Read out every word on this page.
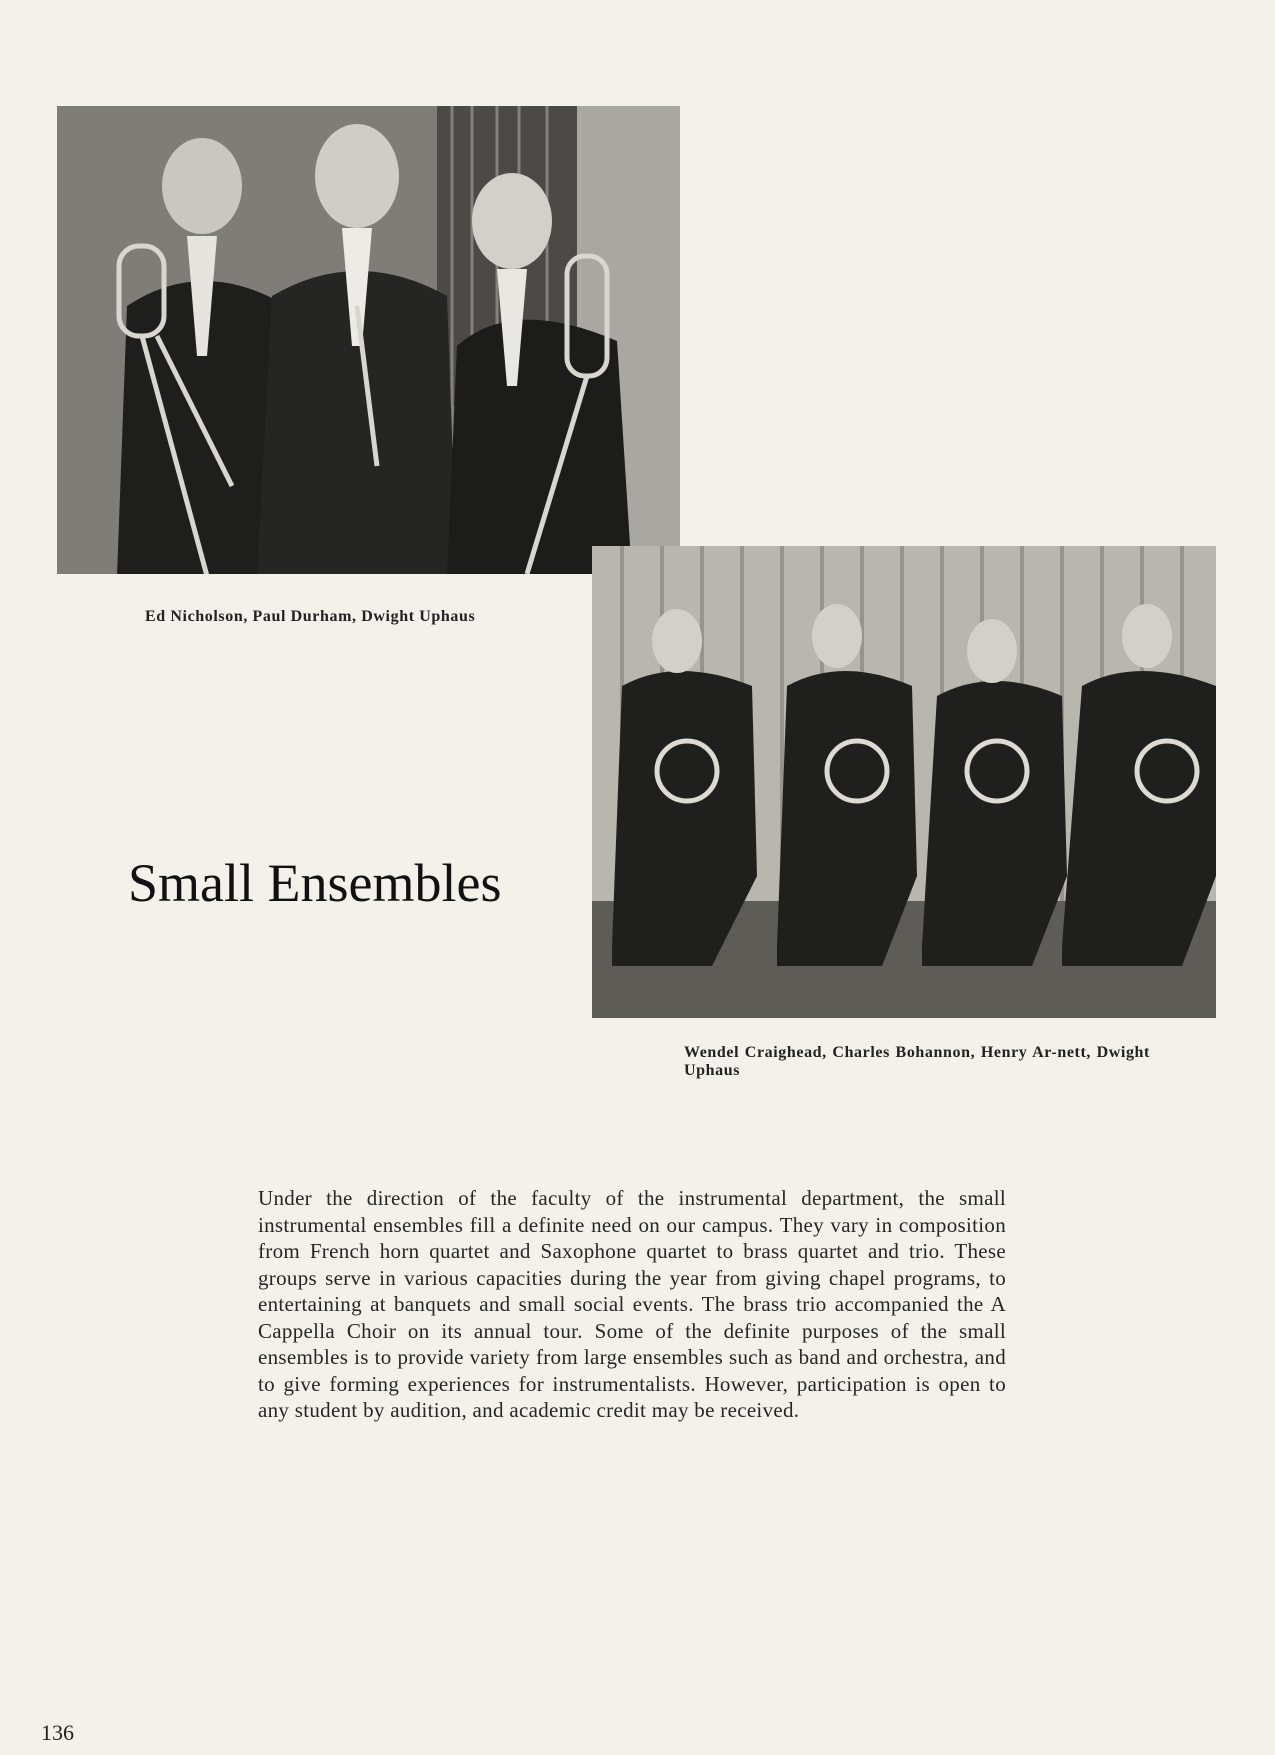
Ed Nicholson, Paul Durham, Dwight Uphaus
Wendel Craighead, Charles Bohannon, Henry Ar-nett, Dwight Uphaus
Small Ensembles

Under the direction of the faculty of the instrumental department, the small instrumental ensembles fill a definite need on our campus. They vary in composition from French horn quartet and Saxophone quartet to brass quartet and trio. These groups serve in various capacities during the year from giving chapel programs, to entertaining at banquets and small social events. The brass trio accompanied the A Cappella Choir on its annual tour. Some of the definite purposes of the small ensembles is to provide variety from large ensembles such as band and orchestra, and to give forming experiences for instrumentalists. However, participation is open to any student by audition, and academic credit may be received.

136
